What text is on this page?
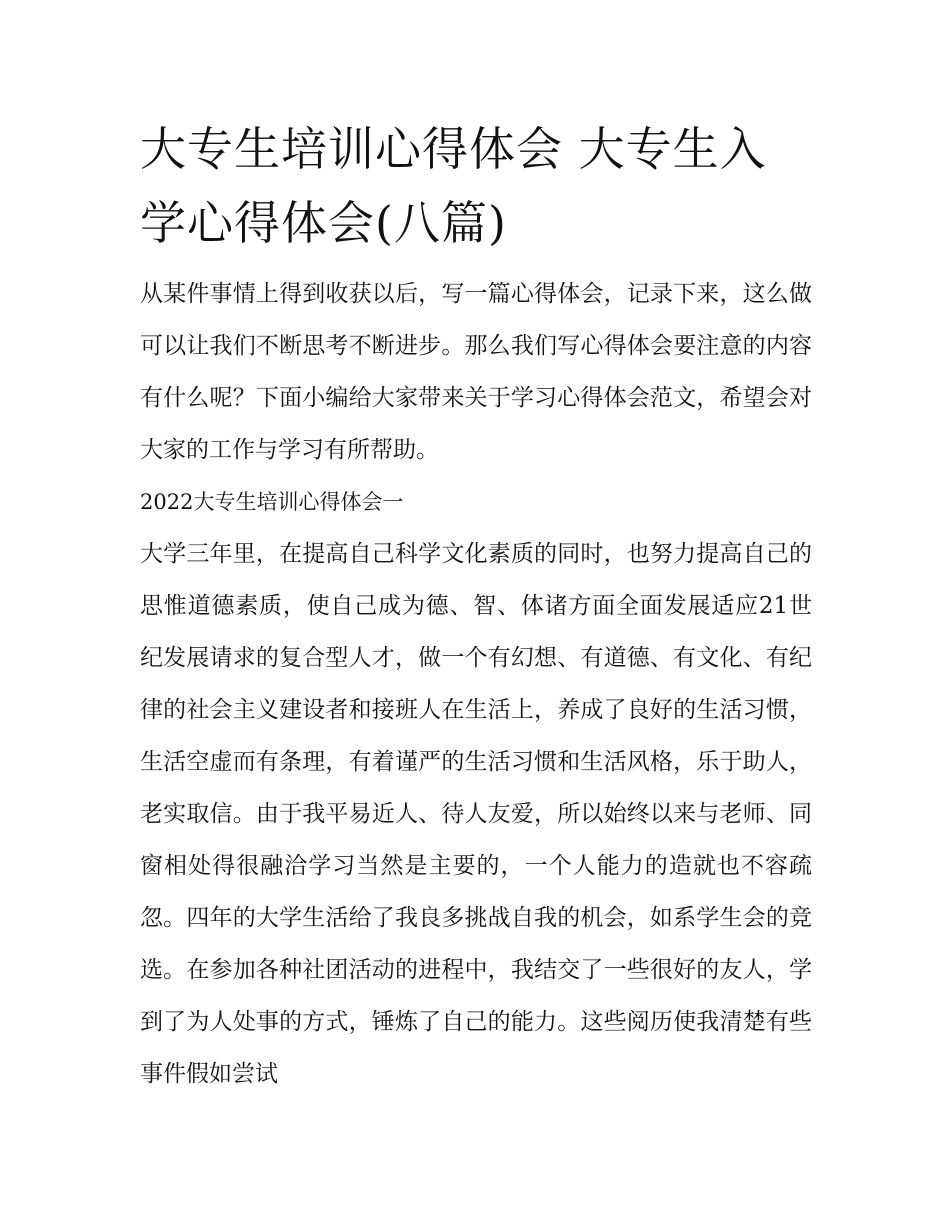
大专生培训心得体会 大专生入学心得体会(八篇)

从某件事情上得到收获以后，写一篇心得体会，记录下来，这么做可以让我们不断思考不断进步。那么我们写心得体会要注意的内容有什么呢？下面小编给大家带来关于学习心得体会范文，希望会对大家的工作与学习有所帮助。

2022大专生培训心得体会一

大学三年里，在提高自己科学文化素质的同时，也努力提高自己的思惟道德素质，使自己成为德、智、体诸方面全面发展适应21世纪发展请求的复合型人才，做一个有幻想、有道德、有文化、有纪律的社会主义建设者和接班人在生活上，养成了良好的生活习惯，生活空虚而有条理，有着谨严的生活习惯和生活风格，乐于助人，老实取信。由于我平易近人、待人友爱，所以始终以来与老师、同窗相处得很融洽学习当然是主要的，一个人能力的造就也不容疏忽。四年的大学生活给了我良多挑战自我的机会，如系学生会的竞选。在参加各种社团活动的进程中，我结交了一些很好的友人，学到了为人处事的方式，锤炼了自己的能力。这些阅历使我清楚有些事件假如尝试
